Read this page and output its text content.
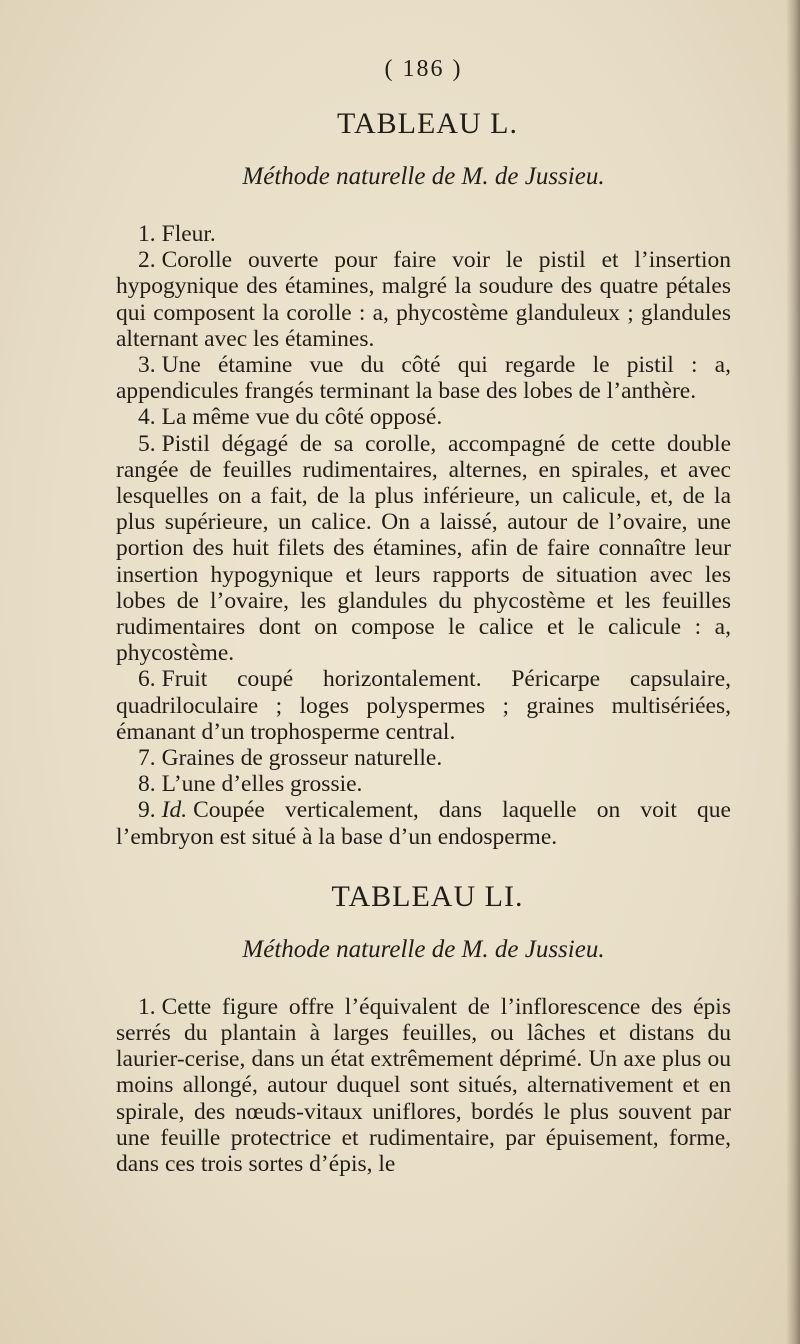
( 186 )
TABLEAU L.
Méthode naturelle de M. de Jussieu.

1. Fleur.

2. Corolle ouverte pour faire voir le pistil et l’insertion hypogynique des étamines, malgré la soudure des quatre pétales qui composent la corolle : a, phycostème glanduleux ; glandules alternant avec les étamines.

3. Une étamine vue du côté qui regarde le pistil : a, appendicules frangés terminant la base des lobes de l’anthère.

4. La même vue du côté opposé.

5. Pistil dégagé de sa corolle, accompagné de cette double rangée de feuilles rudimentaires, alternes, en spirales, et avec lesquelles on a fait, de la plus inférieure, un calicule, et, de la plus supérieure, un calice. On a laissé, autour de l’ovaire, une portion des huit filets des étamines, afin de faire connaître leur insertion hypogynique et leurs rapports de situation avec les lobes de l’ovaire, les glandules du phycostème et les feuilles rudimentaires dont on compose le calice et le calicule : a, phycostème.

6. Fruit coupé horizontalement. Péricarpe capsulaire, quadriloculaire ; loges polyspermes ; graines multisériées, émanant d’un trophosperme central.

7. Graines de grosseur naturelle.

8. L’une d’elles grossie.

9. Id. Coupée verticalement, dans laquelle on voit que l’embryon est situé à la base d’un endosperme.

TABLEAU LI.
Méthode naturelle de M. de Jussieu.

1. Cette figure offre l’équivalent de l’inflorescence des épis serrés du plantain à larges feuilles, ou lâches et distans du laurier-cerise, dans un état extrêmement déprimé. Un axe plus ou moins allongé, autour duquel sont situés, alternativement et en spirale, des nœuds-vitaux uniflores, bordés le plus souvent par une feuille protectrice et rudimentaire, par épuisement, forme, dans ces trois sortes d’épis, le
